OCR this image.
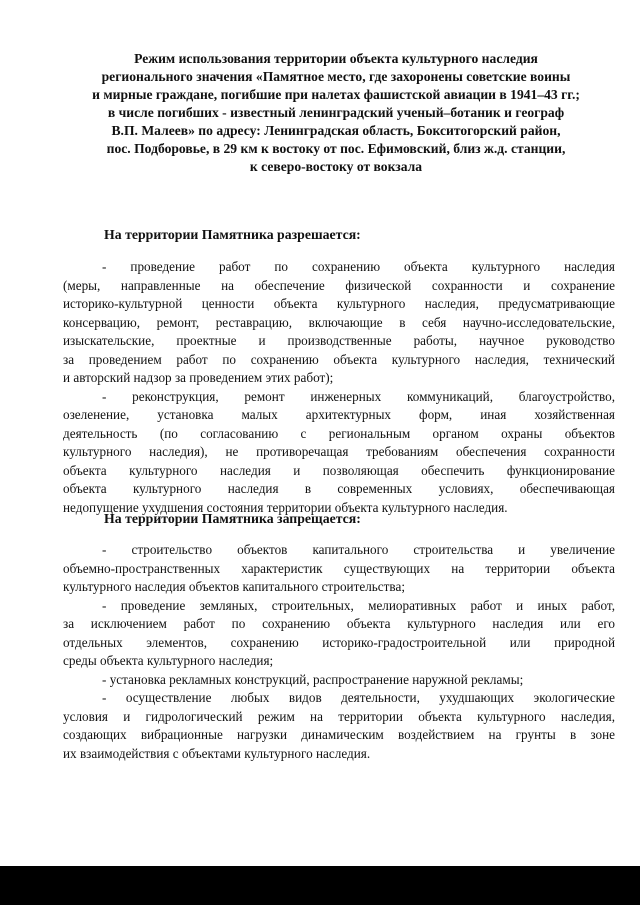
Режим использования территории объекта культурного наследия
регионального значения «Памятное место, где захоронены советские воины
и мирные граждане, погибшие при налетах фашистской авиации в 1941–43 гг.;
в числе погибших - известный ленинградский ученый–ботаник и географ
В.П. Малеев» по адресу: Ленинградская область, Бокситогорский район,
пос. Подборовье, в 29 км к востоку от пос. Ефимовский, близ ж.д. станции,
к северо-востоку от вокзала
На территории Памятника разрешается:

- проведение работ по сохранению объекта культурного наследия
(меры, направленные на обеспечение физической сохранности и сохранение
историко-культурной ценности объекта культурного наследия, предусматривающие
консервацию, ремонт, реставрацию, включающие в себя научно-исследовательские,
изыскательские, проектные и производственные работы, научное руководство
за проведением работ по сохранению объекта культурного наследия, технический
и авторский надзор за проведением этих работ);

- реконструкция, ремонт инженерных коммуникаций, благоустройство,
озеленение, установка малых архитектурных форм, иная хозяйственная
деятельность (по согласованию с региональным органом охраны объектов
культурного наследия), не противоречащая требованиям обеспечения сохранности
объекта культурного наследия и позволяющая обеспечить функционирование
объекта культурного наследия в современных условиях, обеспечивающая
недопущение ухудшения состояния территории объекта культурного наследия.

На территории Памятника запрещается:

- строительство объектов капитального строительства и увеличение
объемно-пространственных характеристик существующих на территории объекта
культурного наследия объектов капитального строительства;

- проведение земляных, строительных, мелиоративных работ и иных работ,
за исключением работ по сохранению объекта культурного наследия или его
отдельных элементов, сохранению историко-градостроительной или природной
среды объекта культурного наследия;

- установка рекламных конструкций, распространение наружной рекламы;

- осуществление любых видов деятельности, ухудшающих экологические
условия и гидрологический режим на территории объекта культурного наследия,
создающих вибрационные нагрузки динамическим воздействием на грунты в зоне
их взаимодействия с объектами культурного наследия.
